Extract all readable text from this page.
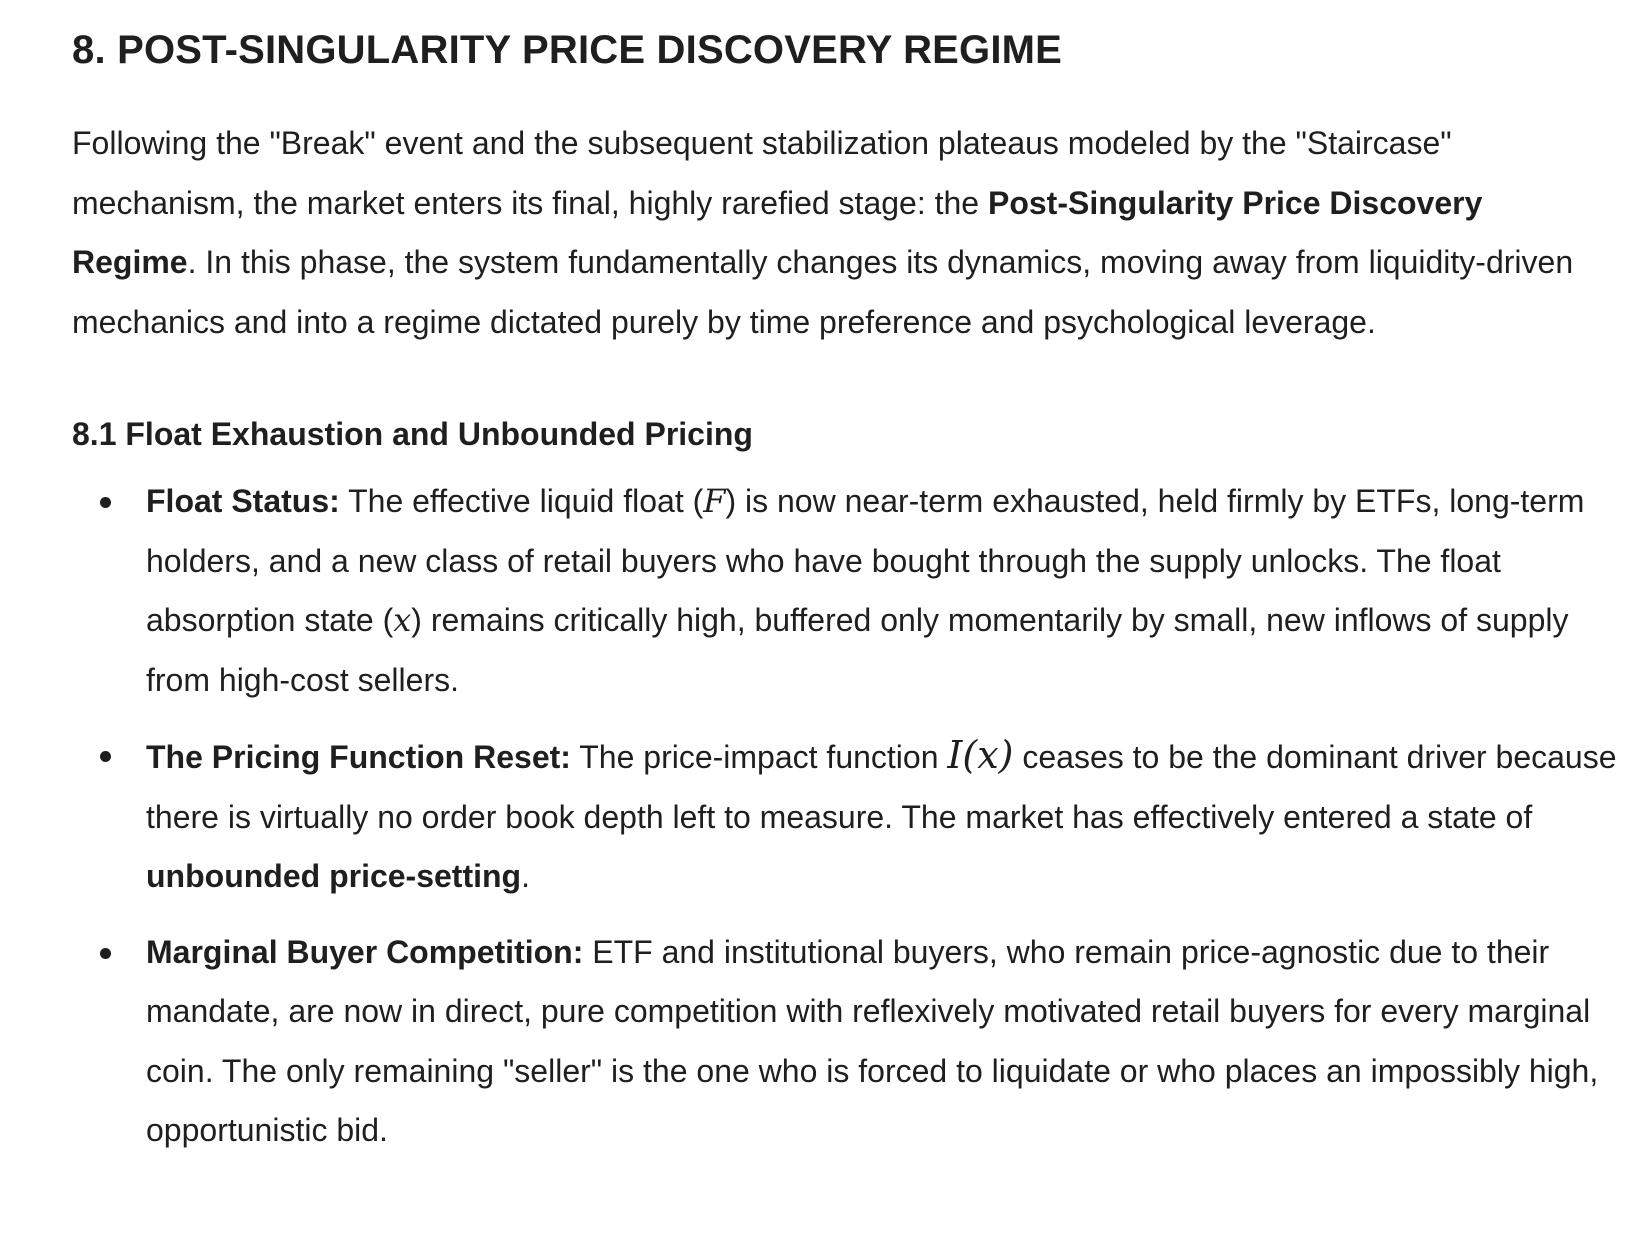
8. POST-SINGULARITY PRICE DISCOVERY REGIME

Following the "Break" event and the subsequent stabilization plateaus modeled by the "Staircase" mechanism, the market enters its final, highly rarefied stage: the Post-Singularity Price Discovery Regime. In this phase, the system fundamentally changes its dynamics, moving away from liquidity-driven mechanics and into a regime dictated purely by time preference and psychological leverage.

8.1 Float Exhaustion and Unbounded Pricing
Float Status: The effective liquid float (F) is now near-term exhausted, held firmly by ETFs, long-term holders, and a new class of retail buyers who have bought through the supply unlocks. The float absorption state (x) remains critically high, buffered only momentarily by small, new inflows of supply from high-cost sellers.
The Pricing Function Reset: The price-impact function I(x) ceases to be the dominant driver because there is virtually no order book depth left to measure. The market has effectively entered a state of unbounded price-setting.
Marginal Buyer Competition: ETF and institutional buyers, who remain price-agnostic due to their mandate, are now in direct, pure competition with reflexively motivated retail buyers for every marginal coin. The only remaining "seller" is the one who is forced to liquidate or who places an impossibly high, opportunistic bid.
